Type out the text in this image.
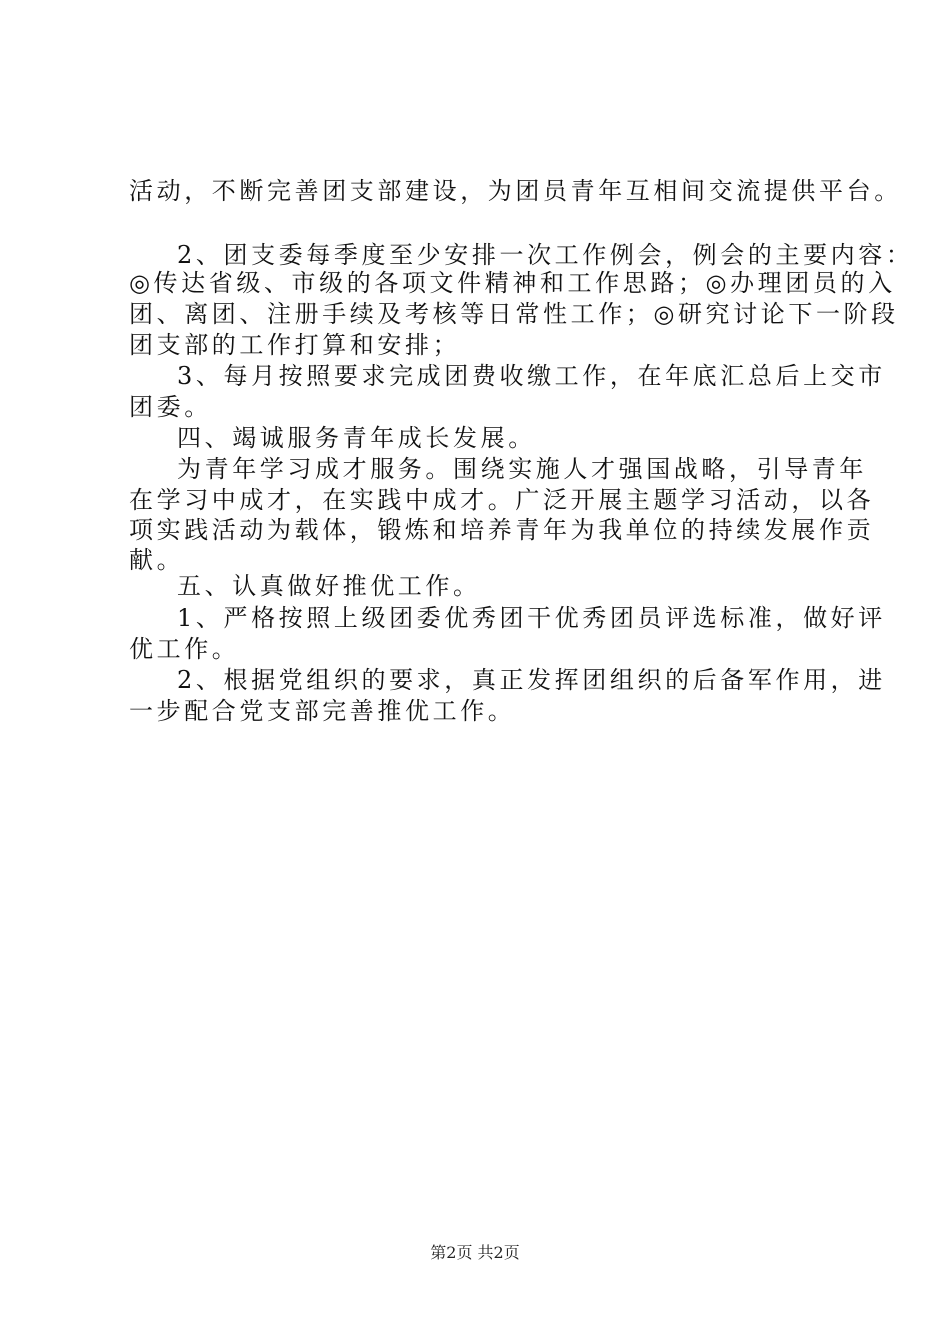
活动，不断完善团支部建设，为团员青年互相间交流提供平台。
2、团支委每季度至少安排一次工作例会，例会的主要内容：
◎传达省级、市级的各项文件精神和工作思路；◎办理团员的入
团、离团、注册手续及考核等日常性工作；◎研究讨论下一阶段
团支部的工作打算和安排；
3、每月按照要求完成团费收缴工作，在年底汇总后上交市
团委。
四、竭诚服务青年成长发展。
为青年学习成才服务。围绕实施人才强国战略，引导青年
在学习中成才，在实践中成才。广泛开展主题学习活动，以各
项实践活动为载体，锻炼和培养青年为我单位的持续发展作贡
献。
五、认真做好推优工作。
1、严格按照上级团委优秀团干优秀团员评选标准，做好评
优工作。
2、根据党组织的要求，真正发挥团组织的后备军作用，进
一步配合党支部完善推优工作。
第2页 共2页
